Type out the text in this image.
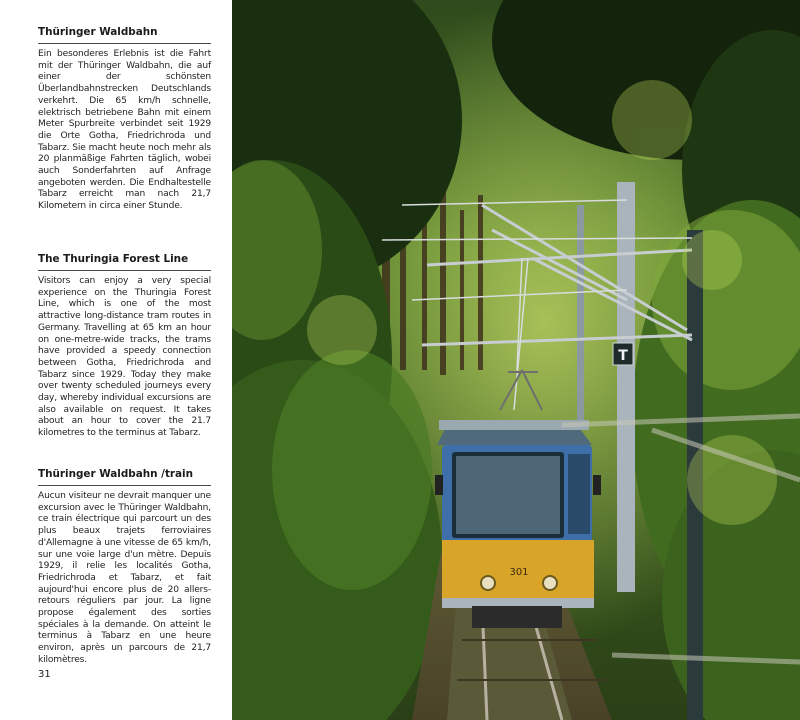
Thüringer Waldbahn

Ein besonderes Erlebnis ist die Fahrt mit der Thüringer Waldbahn, die auf einer der schönsten Überlandbahnstrecken Deutschlands verkehrt. Die 65 km/h schnelle, elektrisch betriebene Bahn mit einem Meter Spurbreite verbindet seit 1929 die Orte Gotha, Friedrichroda und Tabarz. Sie macht heute noch mehr als 20 planmäßige Fahrten täglich, wobei auch Sonderfahrten auf Anfrage angeboten werden. Die Endhaltestelle Tabarz erreicht man nach 21,7 Kilometern in circa einer Stunde.

The Thuringia Forest Line

Visitors can enjoy a very special experience on the Thuringia Forest Line, which is one of the most attractive long-distance tram routes in Germany. Travelling at 65 km an hour on one-metre-wide tracks, the trams have provided a speedy connection between Gotha, Friedrichroda and Tabarz since 1929. Today they make over twenty scheduled journeys every day, whereby individual excursions are also available on request. It takes about an hour to cover the 21.7 kilometres to the terminus at Tabarz.

Thüringer Waldbahn /train

Aucun visiteur ne devrait manquer une excursion avec le Thüringer Waldbahn, ce train électrique qui parcourt un des plus beaux trajets ferroviaires d'Allemagne à une vitesse de 65 km/h, sur une voie large d'un mètre. Depuis 1929, il relie les localités Gotha, Friedrichroda et Tabarz, et fait aujourd'hui encore plus de 20 allers-retours réguliers par jour. La ligne propose également des sorties spéciales à la demande. On atteint le terminus à Tabarz en une heure environ, après un parcours de 21,7 kilomètres.

31
T
301
